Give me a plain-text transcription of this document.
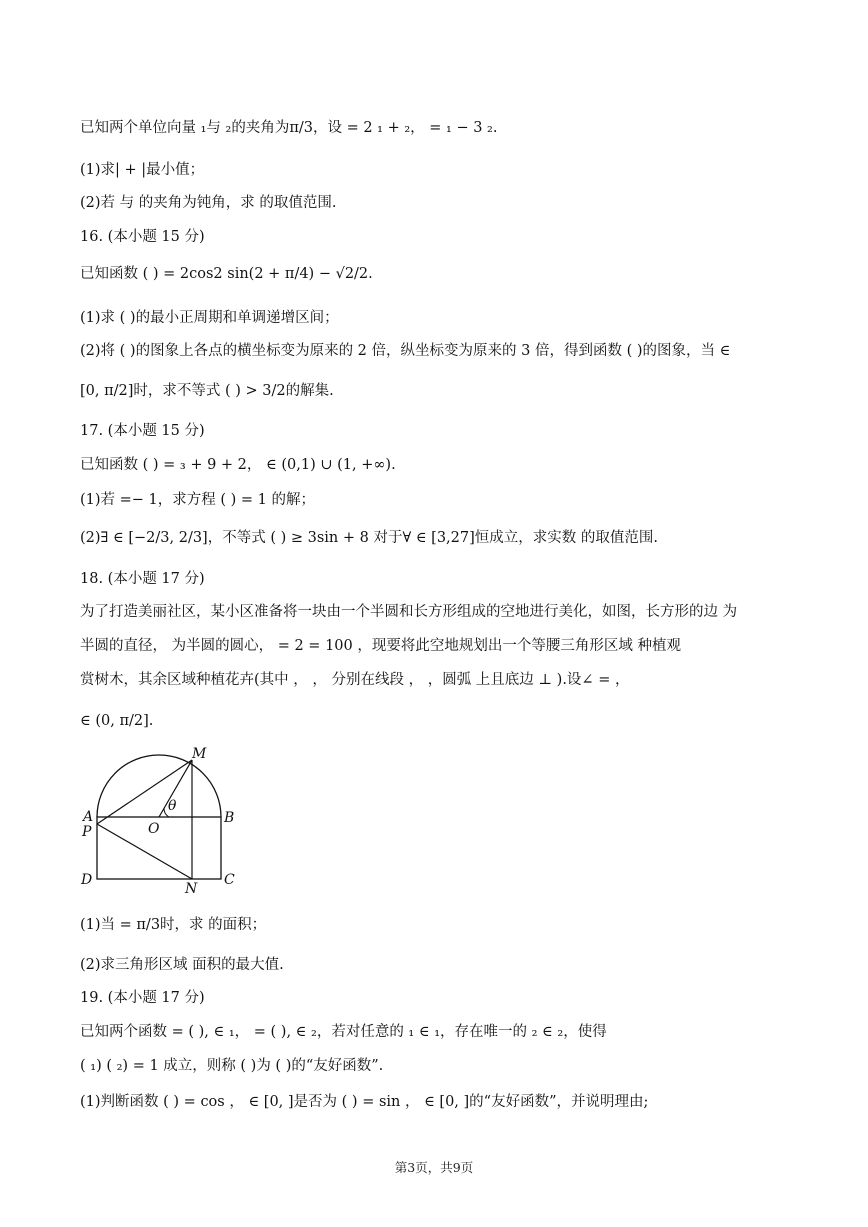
已知两个单位向量 ₁与 ₂的夹角为π/3，设 = 2 ₁ + ₂， = ₁ − 3 ₂.
(1)求| + |最小值；
(2)若 与 的夹角为钝角，求 的取值范围.
16. (本小题 15 分)
已知函数 ( ) = 2cos2 sin(2 + π/4) − √2/2.
(1)求 ( )的最小正周期和单调递增区间；
(2)将 ( )的图象上各点的横坐标变为原来的 2 倍，纵坐标变为原来的 3 倍，得到函数 ( )的图象，当 ∈
[0, π/2]时，求不等式 ( ) > 3/2的解集.
17. (本小题 15 分)
已知函数 ( ) = ₃ + 9 + 2， ∈ (0,1) ∪ (1, +∞).
(1)若 =− 1，求方程 ( ) = 1 的解；
(2)∃ ∈ [−2/3, 2/3]，不等式 ( ) ≥ 3sin + 8 对于∀ ∈ [3,27]恒成立，求实数 的取值范围.
18. (本小题 17 分)
为了打造美丽社区，某小区准备将一块由一个半圆和长方形组成的空地进行美化，如图，长方形的边 为
半圆的直径， 为半圆的圆心， = 2 = 100 ，现要将此空地规划出一个等腰三角形区域 种植观
赏树木，其余区域种植花卉(其中 ， ， 分别在线段 ， ，圆弧 上且底边 ⊥ ).设∠ = ，
∈ (0, π/2].
M
θ
A
O
B
P
D
N
C
(1)当 = π/3时，求 的面积；
(2)求三角形区域 面积的最大值.
19. (本小题 17 分)
已知两个函数 = ( ), ∈ ₁， = ( ), ∈ ₂，若对任意的 ₁ ∈ ₁，存在唯一的 ₂ ∈ ₂，使得
( ₁) ( ₂) = 1 成立，则称 ( )为 ( )的“友好函数”.
(1)判断函数 ( ) = cos ， ∈ [0, ]是否为 ( ) = sin ， ∈ [0, ]的“友好函数”，并说明理由;
第3页，共9页
